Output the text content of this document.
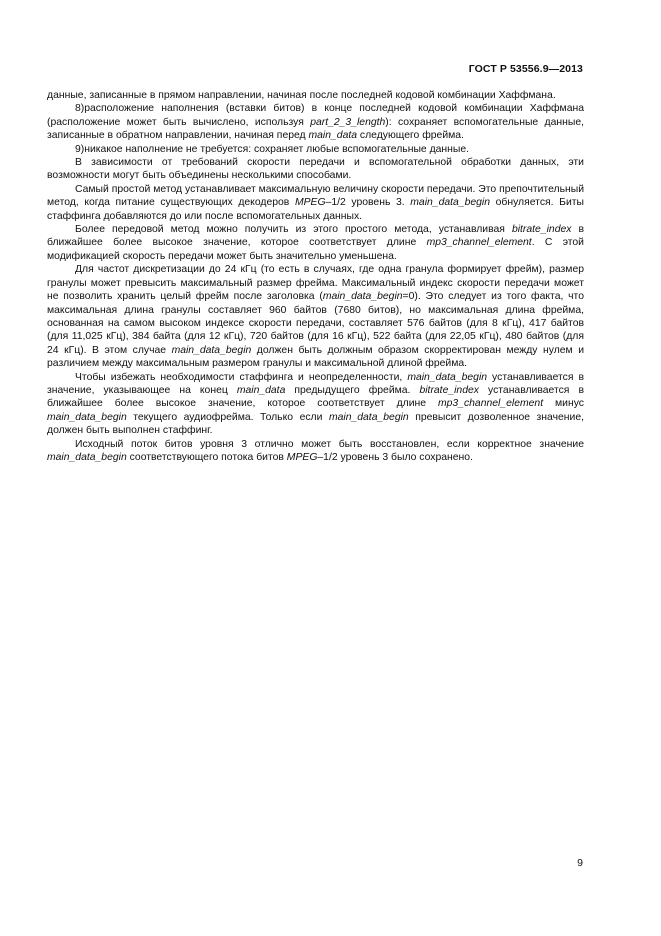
ГОСТ Р 53556.9—2013

данные, записанные в прямом направлении, начиная после последней кодовой комбинации Хаффмана.

8)расположение наполнения (вставки битов) в конце последней кодовой комбинации Хаффмана (расположение может быть вычислено, используя part_2_3_length): сохраняет вспомогательные данные, записанные в обратном направлении, начиная перед main_data следующего фрейма.

9)никакое наполнение не требуется: сохраняет любые вспомогательные данные.

В зависимости от требований скорости передачи и вспомогательной обработки данных, эти возможности могут быть объединены несколькими способами.

Самый простой метод устанавливает максимальную величину скорости передачи. Это препочтительный метод, когда питание существующих декодеров MPEG–1/2 уровень 3. main_data_begin обнуляется. Биты стаффинга добавляются до или после вспомогательных данных.

Более передовой метод можно получить из этого простого метода, устанавливая bitrate_index в ближайшее более высокое значение, которое соответствует длине mp3_channel_element. С этой модификацией скорость передачи может быть значительно уменьшена.

Для частот дискретизации до 24 кГц (то есть в случаях, где одна гранула формирует фрейм), размер гранулы может превысить максимальный размер фрейма. Максимальный индекс скорости передачи может не позволить хранить целый фрейм после заголовка (main_data_begin=0). Это следует из того факта, что максимальная длина гранулы составляет 960 байтов (7680 битов), но максимальная длина фрейма, основанная на самом высоком индексе скорости передачи, составляет 576 байтов (для 8 кГц), 417 байтов (для 11,025 кГц), 384 байта (для 12 кГц), 720 байтов (для 16 кГц), 522 байта (для 22,05 кГц), 480 байтов (для 24 кГц). В этом случае main_data_begin должен быть должным образом скорректирован между нулем и различием между максимальным размером гранулы и максимальной длиной фрейма.

Чтобы избежать необходимости стаффинга и неопределенности, main_data_begin устанавливается в значение, указывающее на конец main_data предыдущего фрейма. bitrate_index устанавливается в ближайшее более высокое значение, которое соответствует длине mp3_channel_element минус main_data_begin текущего аудиофрейма. Только если main_data_begin превысит дозволенное значение, должен быть выполнен стаффинг.

Исходный поток битов уровня 3 отлично может быть восстановлен, если корректное значение main_data_begin соответствующего потока битов MPEG–1/2 уровень 3 было сохранено.

9
